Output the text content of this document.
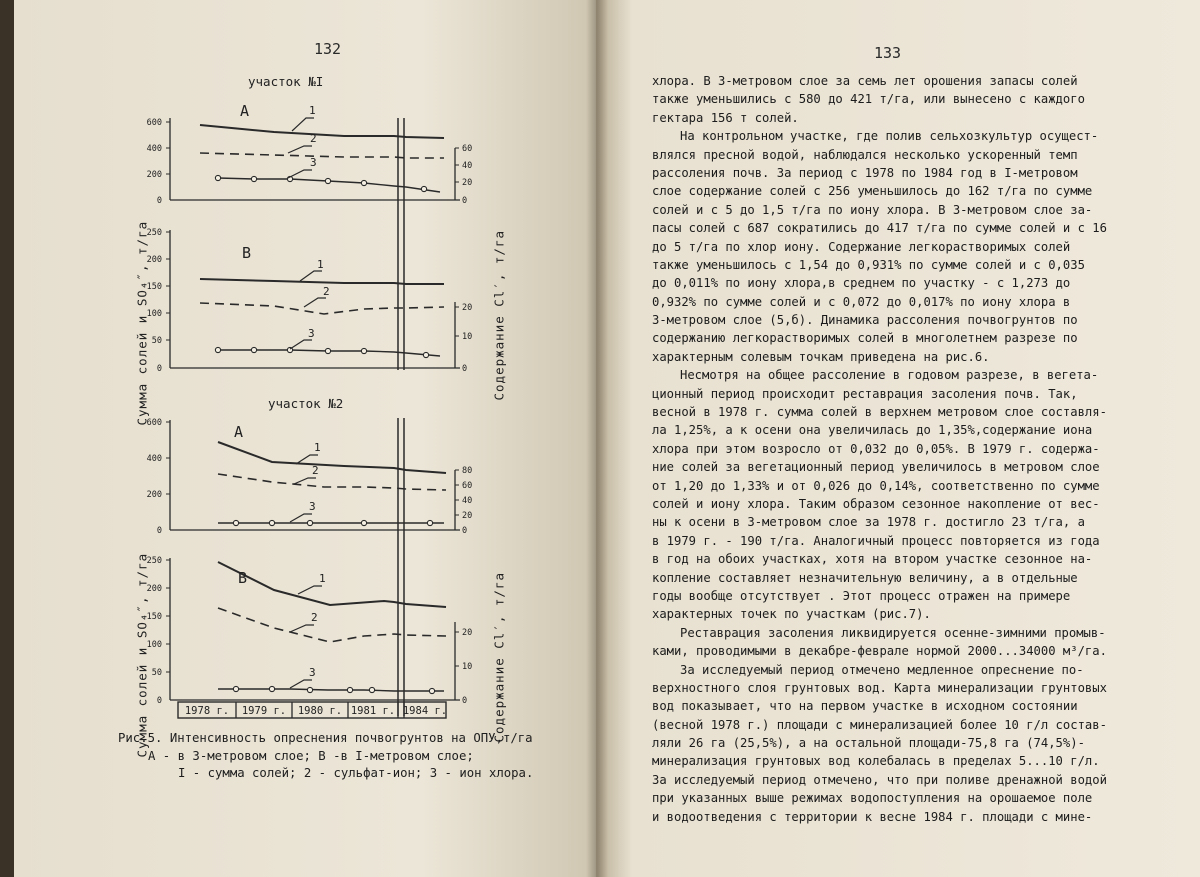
132
участок №I
участок №2
Сумма солей и SO₄″, т/га
Сумма солей и SO₄″, т/га
Содержание Cl′, т/га
Содержание Cl′, т/га
А
В
А
В
1
2
3
1
2
3
1
2
3
1
2
3
600
400
200
0
250
200
150
100
50
0
600
400
200
0
250
200
150
100
50
0
60
40
20
0
20
10
0
80
60
40
20
0
20
10
0
1978 г. 1979 г. 1980 г. 1981 г. 1984 г.
Рис.5. Интенсивность опреснения почвогрунтов на ОПУ,т/га
А - в 3-метровом слое; В -в I-метровом слое;
I - сумма солей; 2 - сульфат-ион; 3 - ион хлора.
133
хлора. В 3-метровом слое за семь лет орошения запасы солей
также уменьшились с 580 до 421 т/га, или вынесено с каждого
гектара 156 т солей.
На контрольном участке, где полив сельхозкультур осущест-
влялся пресной водой, наблюдался несколько ускоренный темп
рассоления почв. За период с 1978 по 1984 год в I-метровом
слое содержание солей с 256 уменьшилось до 162 т/га по сумме
солей и с 5 до 1,5 т/га по иону хлора. В 3-метровом слое за-
пасы солей с 687 сократились до 417 т/га по сумме солей и с 16
до 5 т/га по хлор иону. Содержание легкорастворимых солей
также уменьшилось с 1,54 до 0,931% по сумме солей и с 0,035
до 0,011% по иону хлора,в среднем по участку - с 1,273 до
0,932% по сумме солей и с 0,072 до 0,017% по иону хлора в
3-метровом слое (5,б). Динамика рассоления почвогрунтов по
содержанию легкорастворимых солей в многолетнем разрезе по
характерным солевым точкам приведена на рис.6.
Несмотря на общее рассоление в годовом разрезе, в вегета-
ционный период происходит реставрация засоления почв. Так,
весной в 1978 г. сумма солей в верхнем метровом слое составля-
ла 1,25%, а к осени она увеличилась до 1,35%,содержание иона
хлора при этом возросло от 0,032 до 0,05%. В 1979 г. содержа-
ние солей за вегетационный период увеличилось в метровом слое
от 1,20 до 1,33% и от 0,026 до 0,14%, соответственно по сумме
солей и иону хлора. Таким образом сезонное накопление от вес-
ны к осени в 3-метровом слое за 1978 г. достигло 23 т/га, а
в 1979 г. - 190 т/га. Аналогичный процесс повторяется из года
в год на обоих участках, хотя на втором участке сезонное на-
копление составляет незначительную величину, а в отдельные
годы вообще отсутствует . Этот процесс отражен на примере
характерных точек по участкам (рис.7).
Реставрация засоления ликвидируется осенне-зимними промыв-
ками, проводимыми в декабре-феврале нормой 2000...34000 м³/га.
За исследуемый период отмечено медленное опреснение по-
верхностного слоя грунтовых вод. Карта минерализации грунтовых
вод показывает, что на первом участке в исходном состоянии
(весной 1978 г.) площади с минерализацией более 10 г/л состав-
ляли 26 га (25,5%), а на остальной площади-75,8 га (74,5%)-
минерализация грунтовых вод колебалась в пределах 5...10 г/л.
За исследуемый период отмечено, что при поливе дренажной водой
при указанных выше режимах водопоступления на орошаемое поле
и водоотведения с территории к весне 1984 г. площади с мине-
